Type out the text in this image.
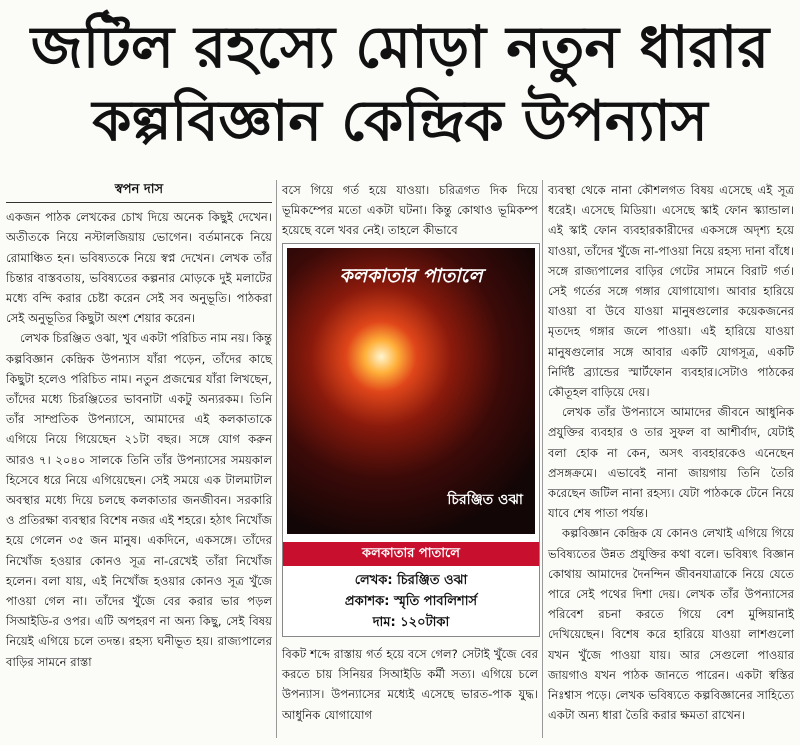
জটিল রহস্যে মোড়া নতুন ধারার
কল্পবিজ্ঞান কেন্দ্রিক উপন্যাস
স্বপন দাস

একজন পাঠক লেখকের চোখ দিয়ে অনেক কিছুই দেখেন। অতীতকে নিয়ে নস্টালজিয়ায় ভোগেন। বর্তমানকে নিয়ে রোমাঞ্চিত হন। ভবিষ্যতকে নিয়ে স্বপ্ন দেখেন। লেখক তাঁর চিন্তার বাস্তবতায়, ভবিষ্যতের কল্পনার মোড়কে দুই মলাটের মধ্যে বন্দি করার চেষ্টা করেন সেই সব অনুভূতি। পাঠকরা সেই অনুভূতির কিছুটা অংশ শেয়ার করেন।

লেখক চিরঞ্জিত ওঝা, খুব একটা পরিচিত নাম নয়। কিন্তু কল্পবিজ্ঞান কেন্দ্রিক উপন্যাস যাঁরা পড়েন, তাঁদের কাছে কিছুটা হলেও পরিচিত নাম। নতুন প্রজন্মের যাঁরা লিখছেন, তাঁদের মধ্যে চিরঞ্জিতের ভাবনাটা একটু অন্যরকম। তিনি তাঁর সাম্প্রতিক উপন্যাসে, আমাদের এই কলকাতাকে এগিয়ে নিয়ে গিয়েছেন ২১টা বছর। সঙ্গে যোগ করুন আরও ৭। ২০৪০ সালকে তিনি তাঁর উপন্যাসের সময়কাল হিসেবে ধরে নিয়ে এগিয়েছেন। সেই সময়ে এক টালমাটাল অবস্থার মধ্যে দিয়ে চলছে কলকাতার জনজীবন। সরকারি ও প্রতিরক্ষা ব্যবস্থার বিশেষ নজর এই শহরে। হঠাৎ নিখোঁজ হয়ে গেলেন ৩৫ জন মানুষ। একদিনে, একসঙ্গে। তাঁদের নিখোঁজ হওয়ার কোনও সূত্র না-রেখেই তাঁরা নিখোঁজ হলেন। বলা যায়, এই নিখোঁজ হওয়ার কোনও সূত্র খুঁজে পাওয়া গেল না। তাঁদের খুঁজে বের করার ভার পড়ল সিআইডি-র ওপর। এটি অপহরণ না অন্য কিছু, সেই বিষয় নিয়েই এগিয়ে চলে তদন্ত। রহস্য ঘনীভূত হয়। রাজ্যপালের বাড়ির সামনে রাস্তা

বসে গিয়ে গর্ত হয়ে যাওয়া। চরিত্রগত দিক দিয়ে ভূমিকম্পের মতো একটা ঘটনা। কিন্তু কোথাও ভূমিকম্প হয়েছে বলে খবর নেই। তাহলে কীভাবে

কলকাতার পাতালে
চিরঞ্জিত ওঝা
কলকাতার পাতালে
লেখক: চিরঞ্জিত ওঝা
প্রকাশক: স্মৃতি পাবলিশার্স
দাম: ১২০টাকা

বিকট শব্দে রাস্তায় গর্ত হয়ে বসে গেল? সেটাই খুঁজে বের করতে চায় সিনিয়র সিআইডি কর্মী সত্য। এগিয়ে চলে উপন্যাস। উপন্যাসের মধ্যেই এসেছে ভারত-পাক যুদ্ধ। আধুনিক যোগাযোগ

ব্যবস্থা থেকে নানা কৌশলগত বিষয় এসেছে এই সূত্র ধরেই। এসেছে মিডিয়া। এসেছে স্কাই ফোন স্ক্যান্ডাল। এই স্কাই ফোন ব্যবহারকারীদের একসঙ্গে অদৃশ্য হয়ে যাওয়া, তাঁদের খুঁজে না-পাওয়া নিয়ে রহস্য দানা বাঁধে। সঙ্গে রাজ্যপালের বাড়ির গেটের সামনে বিরাট গর্ত। সেই গর্তের সঙ্গে গঙ্গার যোগাযোগ। আবার হারিয়ে যাওয়া বা উবে যাওয়া মানুষগুলোর কয়েকজনের মৃতদেহ গঙ্গার জলে পাওয়া। এই হারিয়ে যাওয়া মানুষগুলোর সঙ্গে আবার একটি যোগসূত্র, একটি নির্দিষ্ট ব্র্যান্ডের স্মার্টফোন ব্যবহার।সেটাও পাঠকের কৌতূহল বাড়িয়ে দেয়।

লেখক তাঁর উপন্যাসে আমাদের জীবনে আধুনিক প্রযুক্তির ব্যবহার ও তার সুফল বা আশীর্বাদ, যেটাই বলা হোক না কেন, অসৎ ব্যবহারকেও এনেছেন প্রসঙ্গক্রমে। এভাবেই নানা জায়গায় তিনি তৈরি করেছেন জটিল নানা রহস্য। যেটা পাঠককে টেনে নিয়ে যাবে শেষ পাতা পর্যন্ত।

কল্পবিজ্ঞান কেন্দ্রিক যে কোনও লেখাই এগিয়ে গিয়ে ভবিষ্যতের উন্নত প্রযুক্তির কথা বলে। ভবিষ্যৎ বিজ্ঞান কোথায় আমাদের দৈনন্দিন জীবনযাত্রাকে নিয়ে যেতে পারে সেই পথের দিশা দেয়। লেখক তাঁর উপন্যাসের পরিবেশ রচনা করতে গিয়ে বেশ মুন্সিয়ানাই দেখিয়েছেন। বিশেষ করে হারিয়ে যাওয়া লাশগুলো যখন খুঁজে পাওয়া যায়। আর সেগুলো পাওয়ার জায়গাও যখন পাঠক জানতে পারেন। একটা স্বস্তির নিঃশ্বাস পড়ে। লেখক ভবিষ্যতে কল্পবিজ্ঞানের সাহিত্যে একটা অন্য ধারা তৈরি করার ক্ষমতা রাখেন।
